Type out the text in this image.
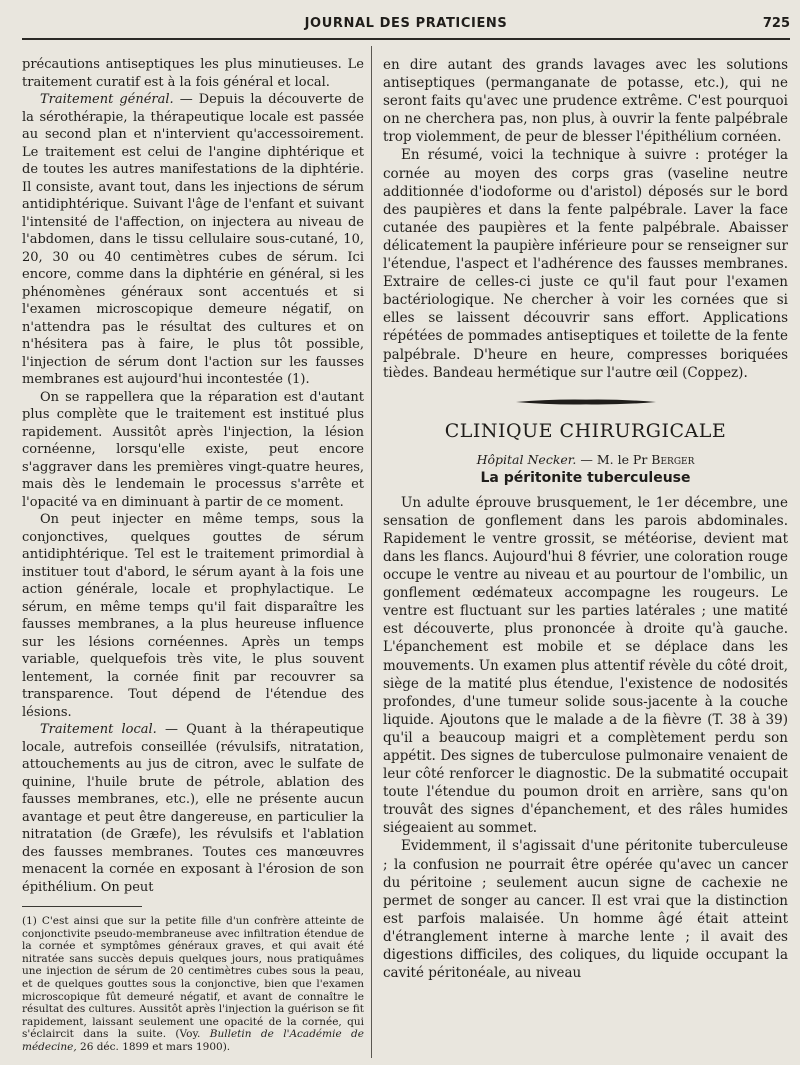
JOURNAL DES PRATICIENS	725

précautions antiseptiques les plus minutieuses. Le traitement curatif est à la fois général et local.

Traitement général. — Depuis la découverte de la sérothérapie, la thérapeutique locale est passée au second plan et n'intervient qu'accessoirement. Le traitement est celui de l'angine diphtérique et de toutes les autres manifestations de la diphtérie. Il consiste, avant tout, dans les injections de sérum antidiphtérique. Suivant l'âge de l'enfant et suivant l'intensité de l'affection, on injectera au niveau de l'abdomen, dans le tissu cellulaire sous-cutané, 10, 20, 30 ou 40 centimètres cubes de sérum. Ici encore, comme dans la diphtérie en général, si les phénomènes généraux sont accentués et si l'examen microscopique demeure négatif, on n'attendra pas le résultat des cultures et on n'hésitera pas à faire, le plus tôt possible, l'injection de sérum dont l'action sur les fausses membranes est aujourd'hui incontestée (1).

On se rappellera que la réparation est d'autant plus complète que le traitement est institué plus rapidement. Aussitôt après l'injection, la lésion cornéenne, lorsqu'elle existe, peut encore s'aggraver dans les premières vingt-quatre heures, mais dès le lendemain le processus s'arrête et l'opacité va en diminuant à partir de ce moment.

On peut injecter en même temps, sous la conjonctives, quelques gouttes de sérum antidiphtérique. Tel est le traitement primordial à instituer tout d'abord, le sérum ayant à la fois une action générale, locale et prophylactique. Le sérum, en même temps qu'il fait disparaître les fausses membranes, a la plus heureuse influence sur les lésions cornéennes. Après un temps variable, quelquefois très vite, le plus souvent lentement, la cornée finit par recouvrer sa transparence. Tout dépend de l'étendue des lésions.

Traitement local. — Quant à la thérapeutique locale, autrefois conseillée (révulsifs, nitratation, attouchements au jus de citron, avec le sulfate de quinine, l'huile brute de pétrole, ablation des fausses membranes, etc.), elle ne présente aucun avantage et peut être dangereuse, en particulier la nitratation (de Græfe), les révulsifs et l'ablation des fausses membranes. Toutes ces manœuvres menacent la cornée en exposant à l'érosion de son épithélium. On peut

(1) C'est ainsi que sur la petite fille d'un confrère atteinte de conjonctivite pseudo-membraneuse avec infiltration étendue de la cornée et symptômes généraux graves, et qui avait été nitratée sans succès depuis quelques jours, nous pratiquâmes une injection de sérum de 20 centimètres cubes sous la peau, et de quelques gouttes sous la conjonctive, bien que l'examen microscopique fût demeuré négatif, et avant de connaître le résultat des cultures. Aussitôt après l'injection la guérison se fit rapidement, laissant seulement une opacité de la cornée, qui s'éclaircit dans la suite. (Voy. Bulletin de l'Académie de médecine, 26 déc. 1899 et mars 1900).

en dire autant des grands lavages avec les solutions antiseptiques (permanganate de potasse, etc.), qui ne seront faits qu'avec une prudence extrême. C'est pourquoi on ne cherchera pas, non plus, à ouvrir la fente palpébrale trop violemment, de peur de blesser l'épithélium cornéen.

En résumé, voici la technique à suivre : protéger la cornée au moyen des corps gras (vaseline neutre additionnée d'iodoforme ou d'aristol) déposés sur le bord des paupières et dans la fente palpébrale. Laver la face cutanée des paupières et la fente palpébrale. Abaisser délicatement la paupière inférieure pour se renseigner sur l'étendue, l'aspect et l'adhérence des fausses membranes. Extraire de celles-ci juste ce qu'il faut pour l'examen bactériologique. Ne chercher à voir les cornées que si elles se laissent découvrir sans effort. Applications répétées de pommades antiseptiques et toilette de la fente palpébrale. D'heure en heure, compresses boriquées tièdes. Bandeau hermétique sur l'autre œil (Coppez).

CLINIQUE CHIRURGICALE
Hôpital Necker. — M. le Pr Berger
La péritonite tuberculeuse

Un adulte éprouve brusquement, le 1er décembre, une sensation de gonflement dans les parois abdominales. Rapidement le ventre grossit, se météorise, devient mat dans les flancs. Aujourd'hui 8 février, une coloration rouge occupe le ventre au niveau et au pourtour de l'ombilic, un gonflement œdémateux accompagne les rougeurs. Le ventre est fluctuant sur les parties latérales ; une matité est découverte, plus prononcée à droite qu'à gauche. L'épanchement est mobile et se déplace dans les mouvements. Un examen plus attentif révèle du côté droit, siège de la matité plus étendue, l'existence de nodosités profondes, d'une tumeur solide sous-jacente à la couche liquide. Ajoutons que le malade a de la fièvre (T. 38 à 39) qu'il a beaucoup maigri et a complètement perdu son appétit. Des signes de tuberculose pulmonaire venaient de leur côté renforcer le diagnostic. De la submatité occupait toute l'étendue du poumon droit en arrière, sans qu'on trouvât des signes d'épanchement, et des râles humides siégeaient au sommet.

Evidemment, il s'agissait d'une péritonite tuberculeuse ; la confusion ne pourrait être opérée qu'avec un cancer du péritoine ; seulement aucun signe de cachexie ne permet de songer au cancer. Il est vrai que la distinction est parfois malaisée. Un homme âgé était atteint d'étranglement interne à marche lente ; il avait des digestions difficiles, des coliques, du liquide occupant la cavité péritonéale, au niveau
